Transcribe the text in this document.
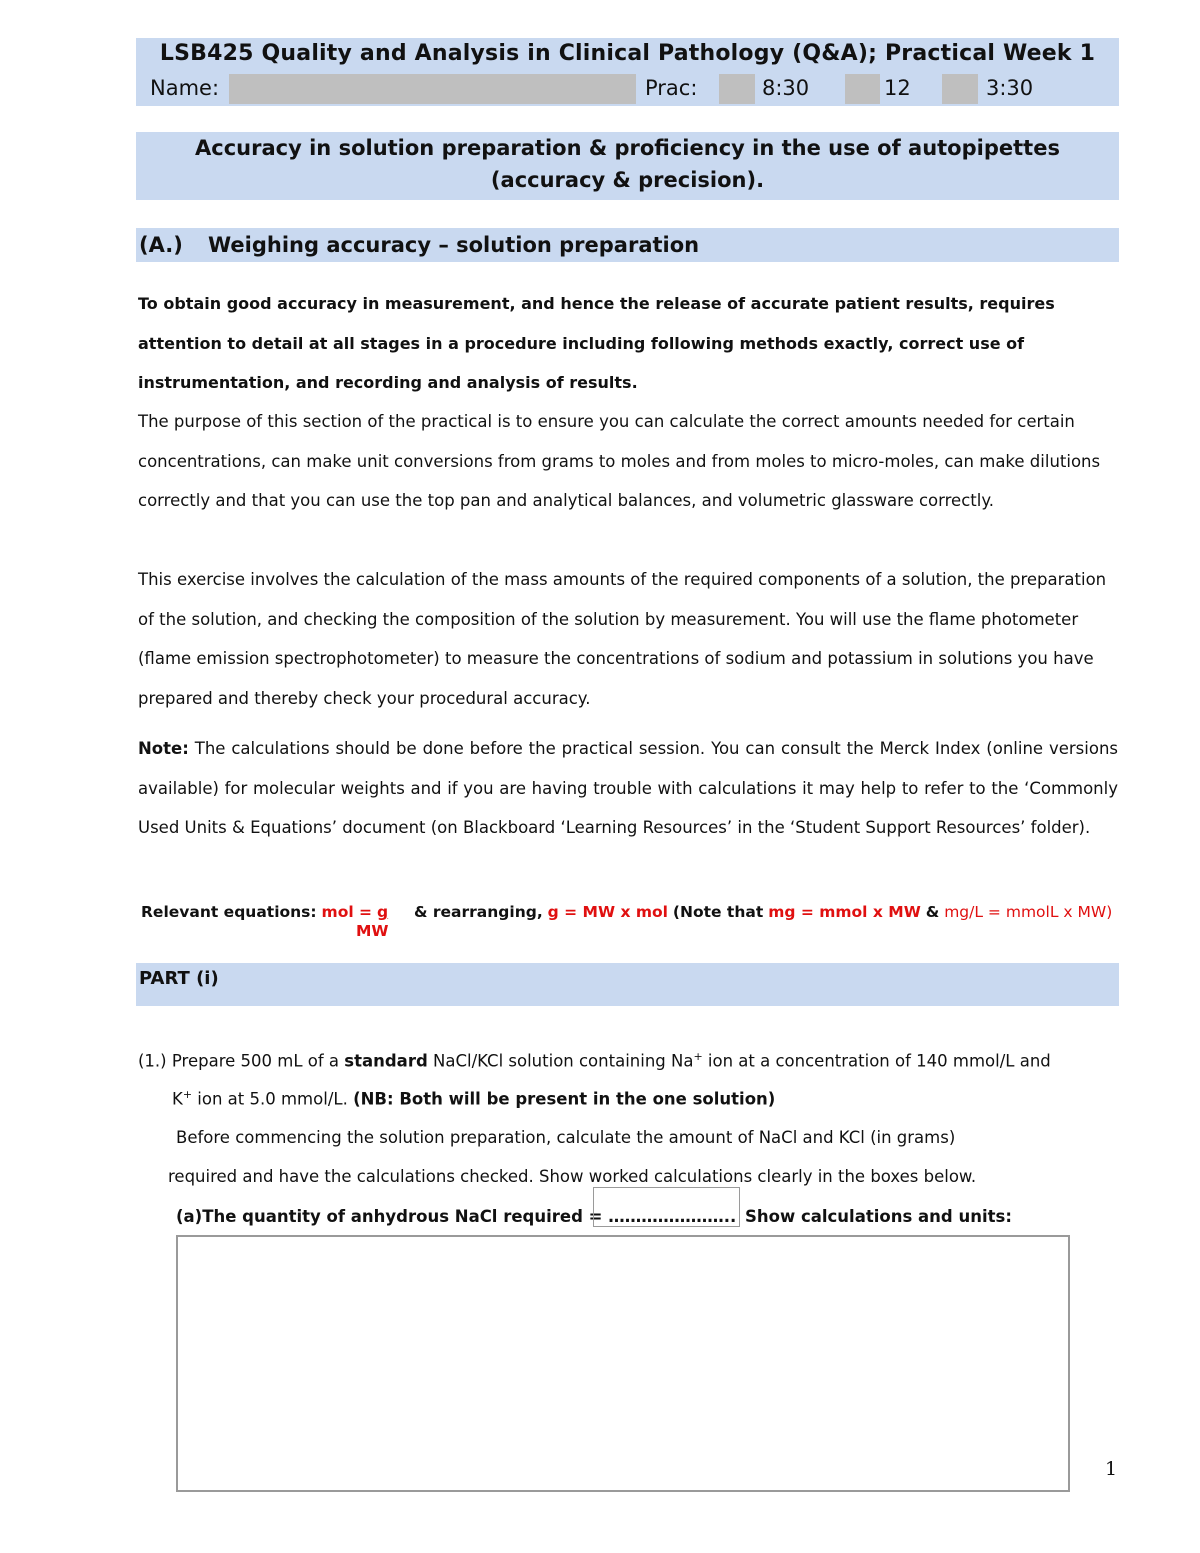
LSB425 Quality and Analysis in Clinical Pathology (Q&A); Practical Week 1
Name:	Prac:	8:30	12	3:30
Accuracy in solution preparation & proficiency in the use of autopipettes
(accuracy & precision).
(A.) Weighing accuracy – solution preparation

To obtain good accuracy in measurement, and hence the release of accurate patient results, requires attention to detail at all stages in a procedure including following methods exactly, correct use of instrumentation, and recording and analysis of results.

The purpose of this section of the practical is to ensure you can calculate the correct amounts needed for certain concentrations, can make unit conversions from grams to moles and from moles to micro-moles, can make dilutions correctly and that you can use the top pan and analytical balances, and volumetric glassware correctly.

This exercise involves the calculation of the mass amounts of the required components of a solution, the preparation of the solution, and checking the composition of the solution by measurement. You will use the flame photometer (flame emission spectrophotometer) to measure the concentrations of sodium and potassium in solutions you have prepared and thereby check your procedural accuracy.

Note: The calculations should be done before the practical session. You can consult the Merck Index (online versions available) for molecular weights and if you are having trouble with calculations it may help to refer to the ‘Commonly Used Units & Equations’ document (on Blackboard ‘Learning Resources’ in the ‘Student Support Resources’ folder).

Relevant equations: mol = g & rearranging, g = MW x mol (Note that mg = mmol x MW & mg/L = mmolL x MW)
MW
PART (i)
(1.) Prepare 500 mL of a standard NaCl/KCl solution containing Na+ ion at a concentration of 140 mmol/L and
K+ ion at 5.0 mmol/L. (NB: Both will be present in the one solution)
Before commencing the solution preparation, calculate the amount of NaCl and KCl (in grams)
required and have the calculations checked. Show worked calculations clearly in the boxes below.
(a)The quantity of anhydrous NaCl required = ………………….. Show calculations and units:
1
